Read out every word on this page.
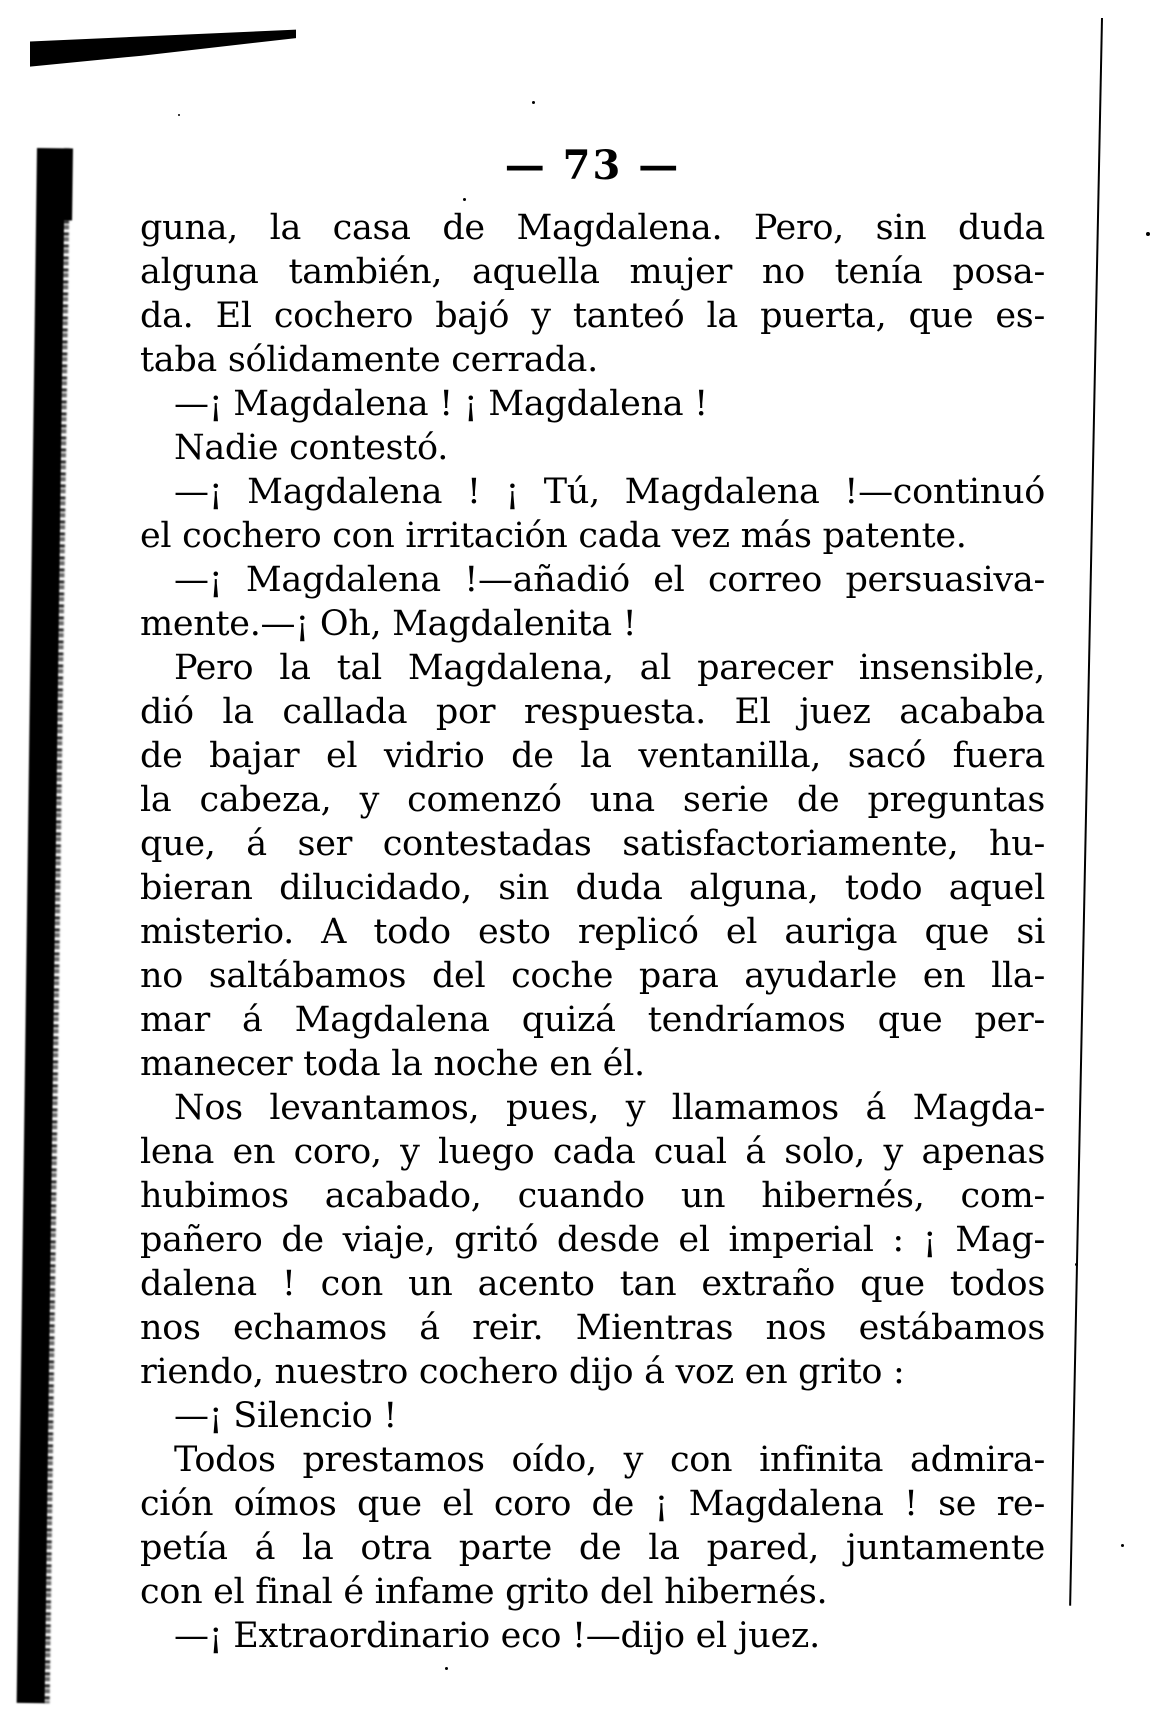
— 73 —
guna, la casa de Magdalena. Pero, sin duda
alguna también, aquella mujer no tenía posa-
da. El cochero bajó y tanteó la puerta, que es-
taba sólidamente cerrada.
—¡ Magdalena ! ¡ Magdalena !
Nadie contestó.
—¡ Magdalena ! ¡ Tú, Magdalena !—continuó
el cochero con irritación cada vez más patente.
—¡ Magdalena !—añadió el correo persuasiva-
mente.—¡ Oh, Magdalenita !
Pero la tal Magdalena, al parecer insensible,
dió la callada por respuesta. El juez acababa
de bajar el vidrio de la ventanilla, sacó fuera
la cabeza, y comenzó una serie de preguntas
que, á ser contestadas satisfactoriamente, hu-
bieran dilucidado, sin duda alguna, todo aquel
misterio. A todo esto replicó el auriga que si
no saltábamos del coche para ayudarle en lla-
mar á Magdalena quizá tendríamos que per-
manecer toda la noche en él.
Nos levantamos, pues, y llamamos á Magda-
lena en coro, y luego cada cual á solo, y apenas
hubimos acabado, cuando un hibernés, com-
pañero de viaje, gritó desde el imperial : ¡ Mag-
dalena ! con un acento tan extraño que todos
nos echamos á reir. Mientras nos estábamos
riendo, nuestro cochero dijo á voz en grito :
—¡ Silencio !
Todos prestamos oído, y con infinita admira-
ción oímos que el coro de ¡ Magdalena ! se re-
petía á la otra parte de la pared, juntamente
con el final é infame grito del hibernés.
—¡ Extraordinario eco !—dijo el juez.
